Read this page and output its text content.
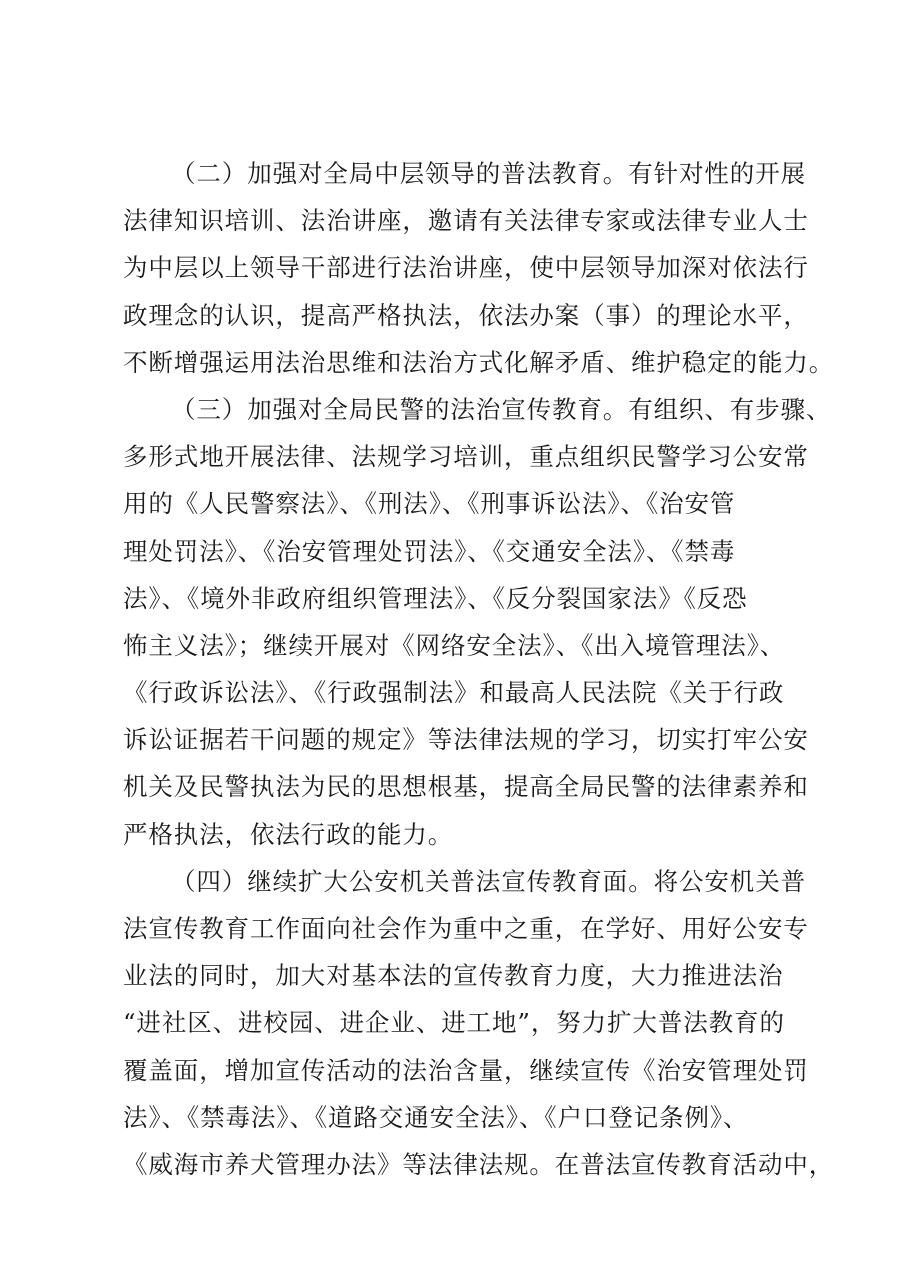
（二）加强对全局中层领导的普法教育。有针对性的开展
法律知识培训、法治讲座，邀请有关法律专家或法律专业人士
为中层以上领导干部进行法治讲座，使中层领导加深对依法行
政理念的认识，提高严格执法，依法办案（事）的理论水平，
不断增强运用法治思维和法治方式化解矛盾、维护稳定的能力。
（三）加强对全局民警的法治宣传教育。有组织、有步骤、
多形式地开展法律、法规学习培训，重点组织民警学习公安常
用的《人民警察法》、《刑法》、《刑事诉讼法》、《治安管
理处罚法》、《治安管理处罚法》、《交通安全法》、《禁毒
法》、《境外非政府组织管理法》、《反分裂国家法》《反恐
怖主义法》；继续开展对《网络安全法》、《出入境管理法》、
《行政诉讼法》、《行政强制法》和最高人民法院《关于行政
诉讼证据若干问题的规定》等法律法规的学习，切实打牢公安
机关及民警执法为民的思想根基，提高全局民警的法律素养和
严格执法，依法行政的能力。
（四）继续扩大公安机关普法宣传教育面。将公安机关普
法宣传教育工作面向社会作为重中之重，在学好、用好公安专
业法的同时，加大对基本法的宣传教育力度，大力推进法治
“进社区、进校园、进企业、进工地”，努力扩大普法教育的
覆盖面，增加宣传活动的法治含量，继续宣传《治安管理处罚
法》、《禁毒法》、《道路交通安全法》、《户口登记条例》、
《威海市养犬管理办法》等法律法规。在普法宣传教育活动中，
